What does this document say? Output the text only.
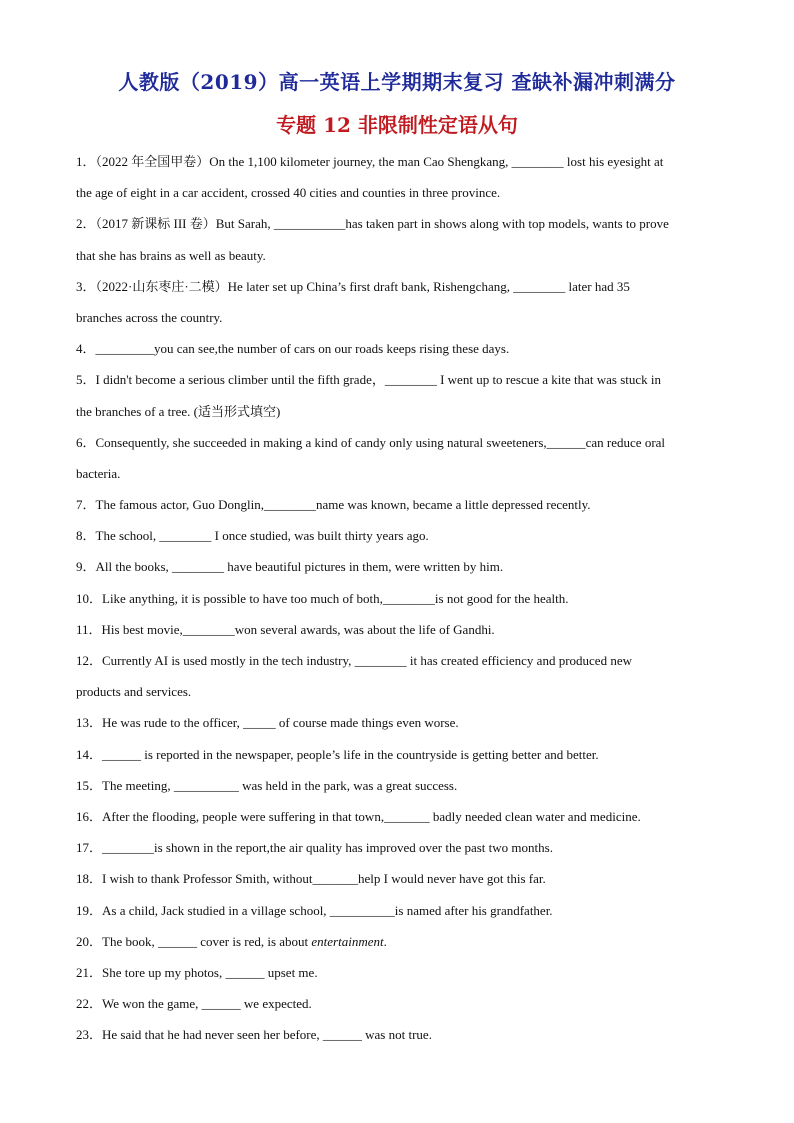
人教版（2019）高一英语上学期期末复习 查缺补漏冲刺满分
专题 12 非限制性定语从句
1．（2022 年全国甲卷）On the 1,100 kilometer journey, the man Cao Shengkang, ________ lost his eyesight at
the age of eight in a car accident, crossed 40 cities and counties in three province.
2．（2017 新课标 III 卷）But Sarah, ___________has taken part in shows along with top models, wants to prove
that she has brains as well as beauty.
3．（2022·山东枣庄·二模）He later set up China’s first draft bank, Rishengchang, ________ later had 35
branches across the country.
4．_________you can see,the number of cars on our roads keeps rising these days.
5．I didn't become a serious climber until the fifth grade，________ I went up to rescue a kite that was stuck in
the branches of a tree. (适当形式填空)
6．Consequently, she succeeded in making a kind of candy only using natural sweeteners,______can reduce oral
bacteria.
7．The famous actor, Guo Donglin,________name was known, became a little depressed recently.
8．The school, ________ I once studied, was built thirty years ago.
9．All the books, ________ have beautiful pictures in them, were written by him.
10．Like anything, it is possible to have too much of both,________is not good for the health.
11．His best movie,________won several awards, was about the life of Gandhi.
12．Currently AI is used mostly in the tech industry, ________ it has created efficiency and produced new
products and services.
13．He was rude to the officer, _____ of course made things even worse.
14．______ is reported in the newspaper, people’s life in the countryside is getting better and better.
15．The meeting, __________ was held in the park, was a great success.
16．After the flooding, people were suffering in that town,_______ badly needed clean water and medicine.
17．________is shown in the report,the air quality has improved over the past two months.
18．I wish to thank Professor Smith, without_______help I would never have got this far.
19．As a child, Jack studied in a village school, __________is named after his grandfather.
20．The book, ______ cover is red, is about entertainment.
21．She tore up my photos, ______ upset me.
22．We won the game, ______ we expected.
23．He said that he had never seen her before, ______ was not true.
